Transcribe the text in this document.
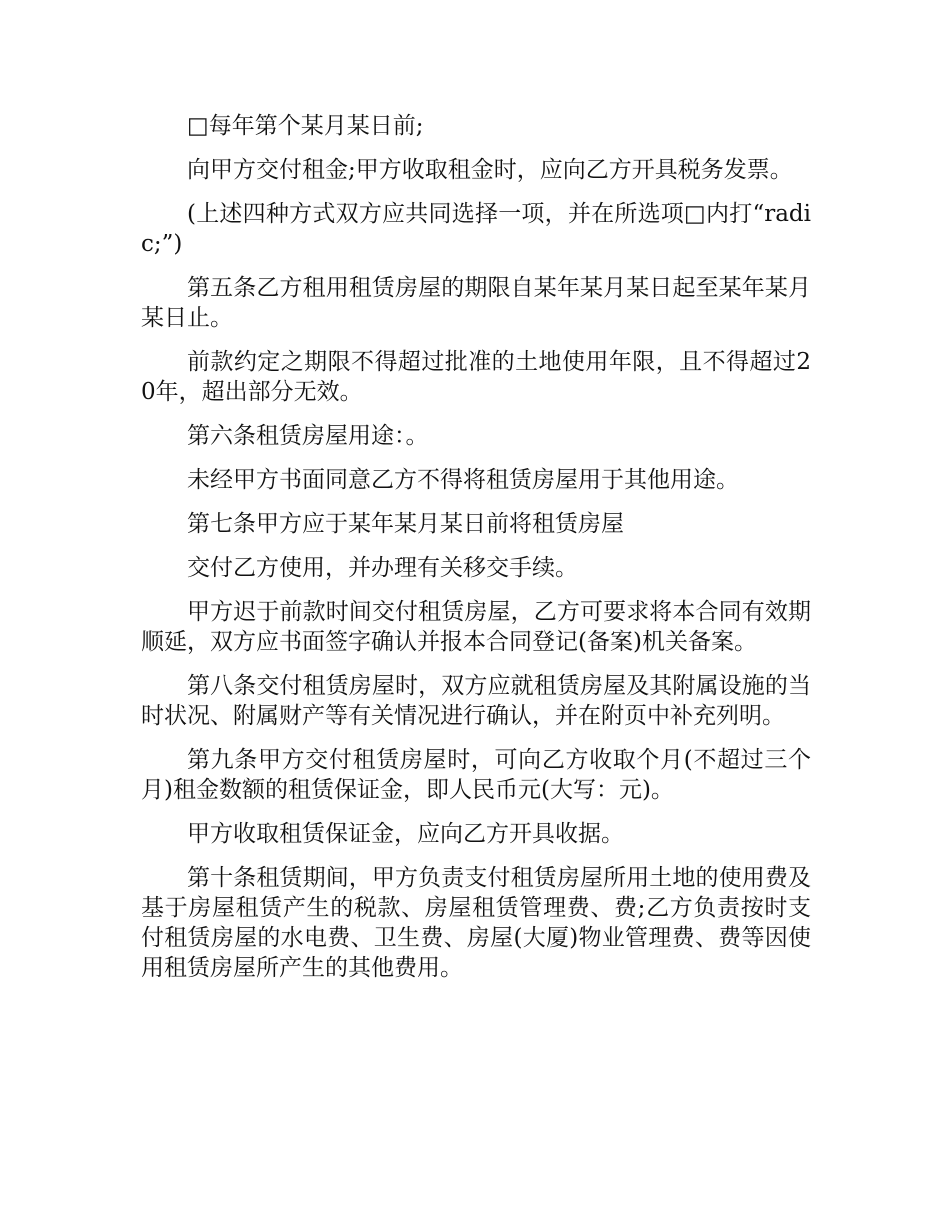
□每年第个某月某日前;

向甲方交付租金;甲方收取租金时，应向乙方开具税务发票。

(上述四种方式双方应共同选择一项，并在所选项□内打“radic;”)

第五条乙方租用租赁房屋的期限自某年某月某日起至某年某月某日止。

前款约定之期限不得超过批准的土地使用年限，且不得超过20年，超出部分无效。

第六条租赁房屋用途：。

未经甲方书面同意乙方不得将租赁房屋用于其他用途。

第七条甲方应于某年某月某日前将租赁房屋

交付乙方使用，并办理有关移交手续。

甲方迟于前款时间交付租赁房屋，乙方可要求将本合同有效期顺延，双方应书面签字确认并报本合同登记(备案)机关备案。

第八条交付租赁房屋时，双方应就租赁房屋及其附属设施的当时状况、附属财产等有关情况进行确认，并在附页中补充列明。

第九条甲方交付租赁房屋时，可向乙方收取个月(不超过三个月)租金数额的租赁保证金，即人民币元(大写：元)。

甲方收取租赁保证金，应向乙方开具收据。

第十条租赁期间，甲方负责支付租赁房屋所用土地的使用费及基于房屋租赁产生的税款、房屋租赁管理费、费;乙方负责按时支付租赁房屋的水电费、卫生费、房屋(大厦)物业管理费、费等因使用租赁房屋所产生的其他费用。
